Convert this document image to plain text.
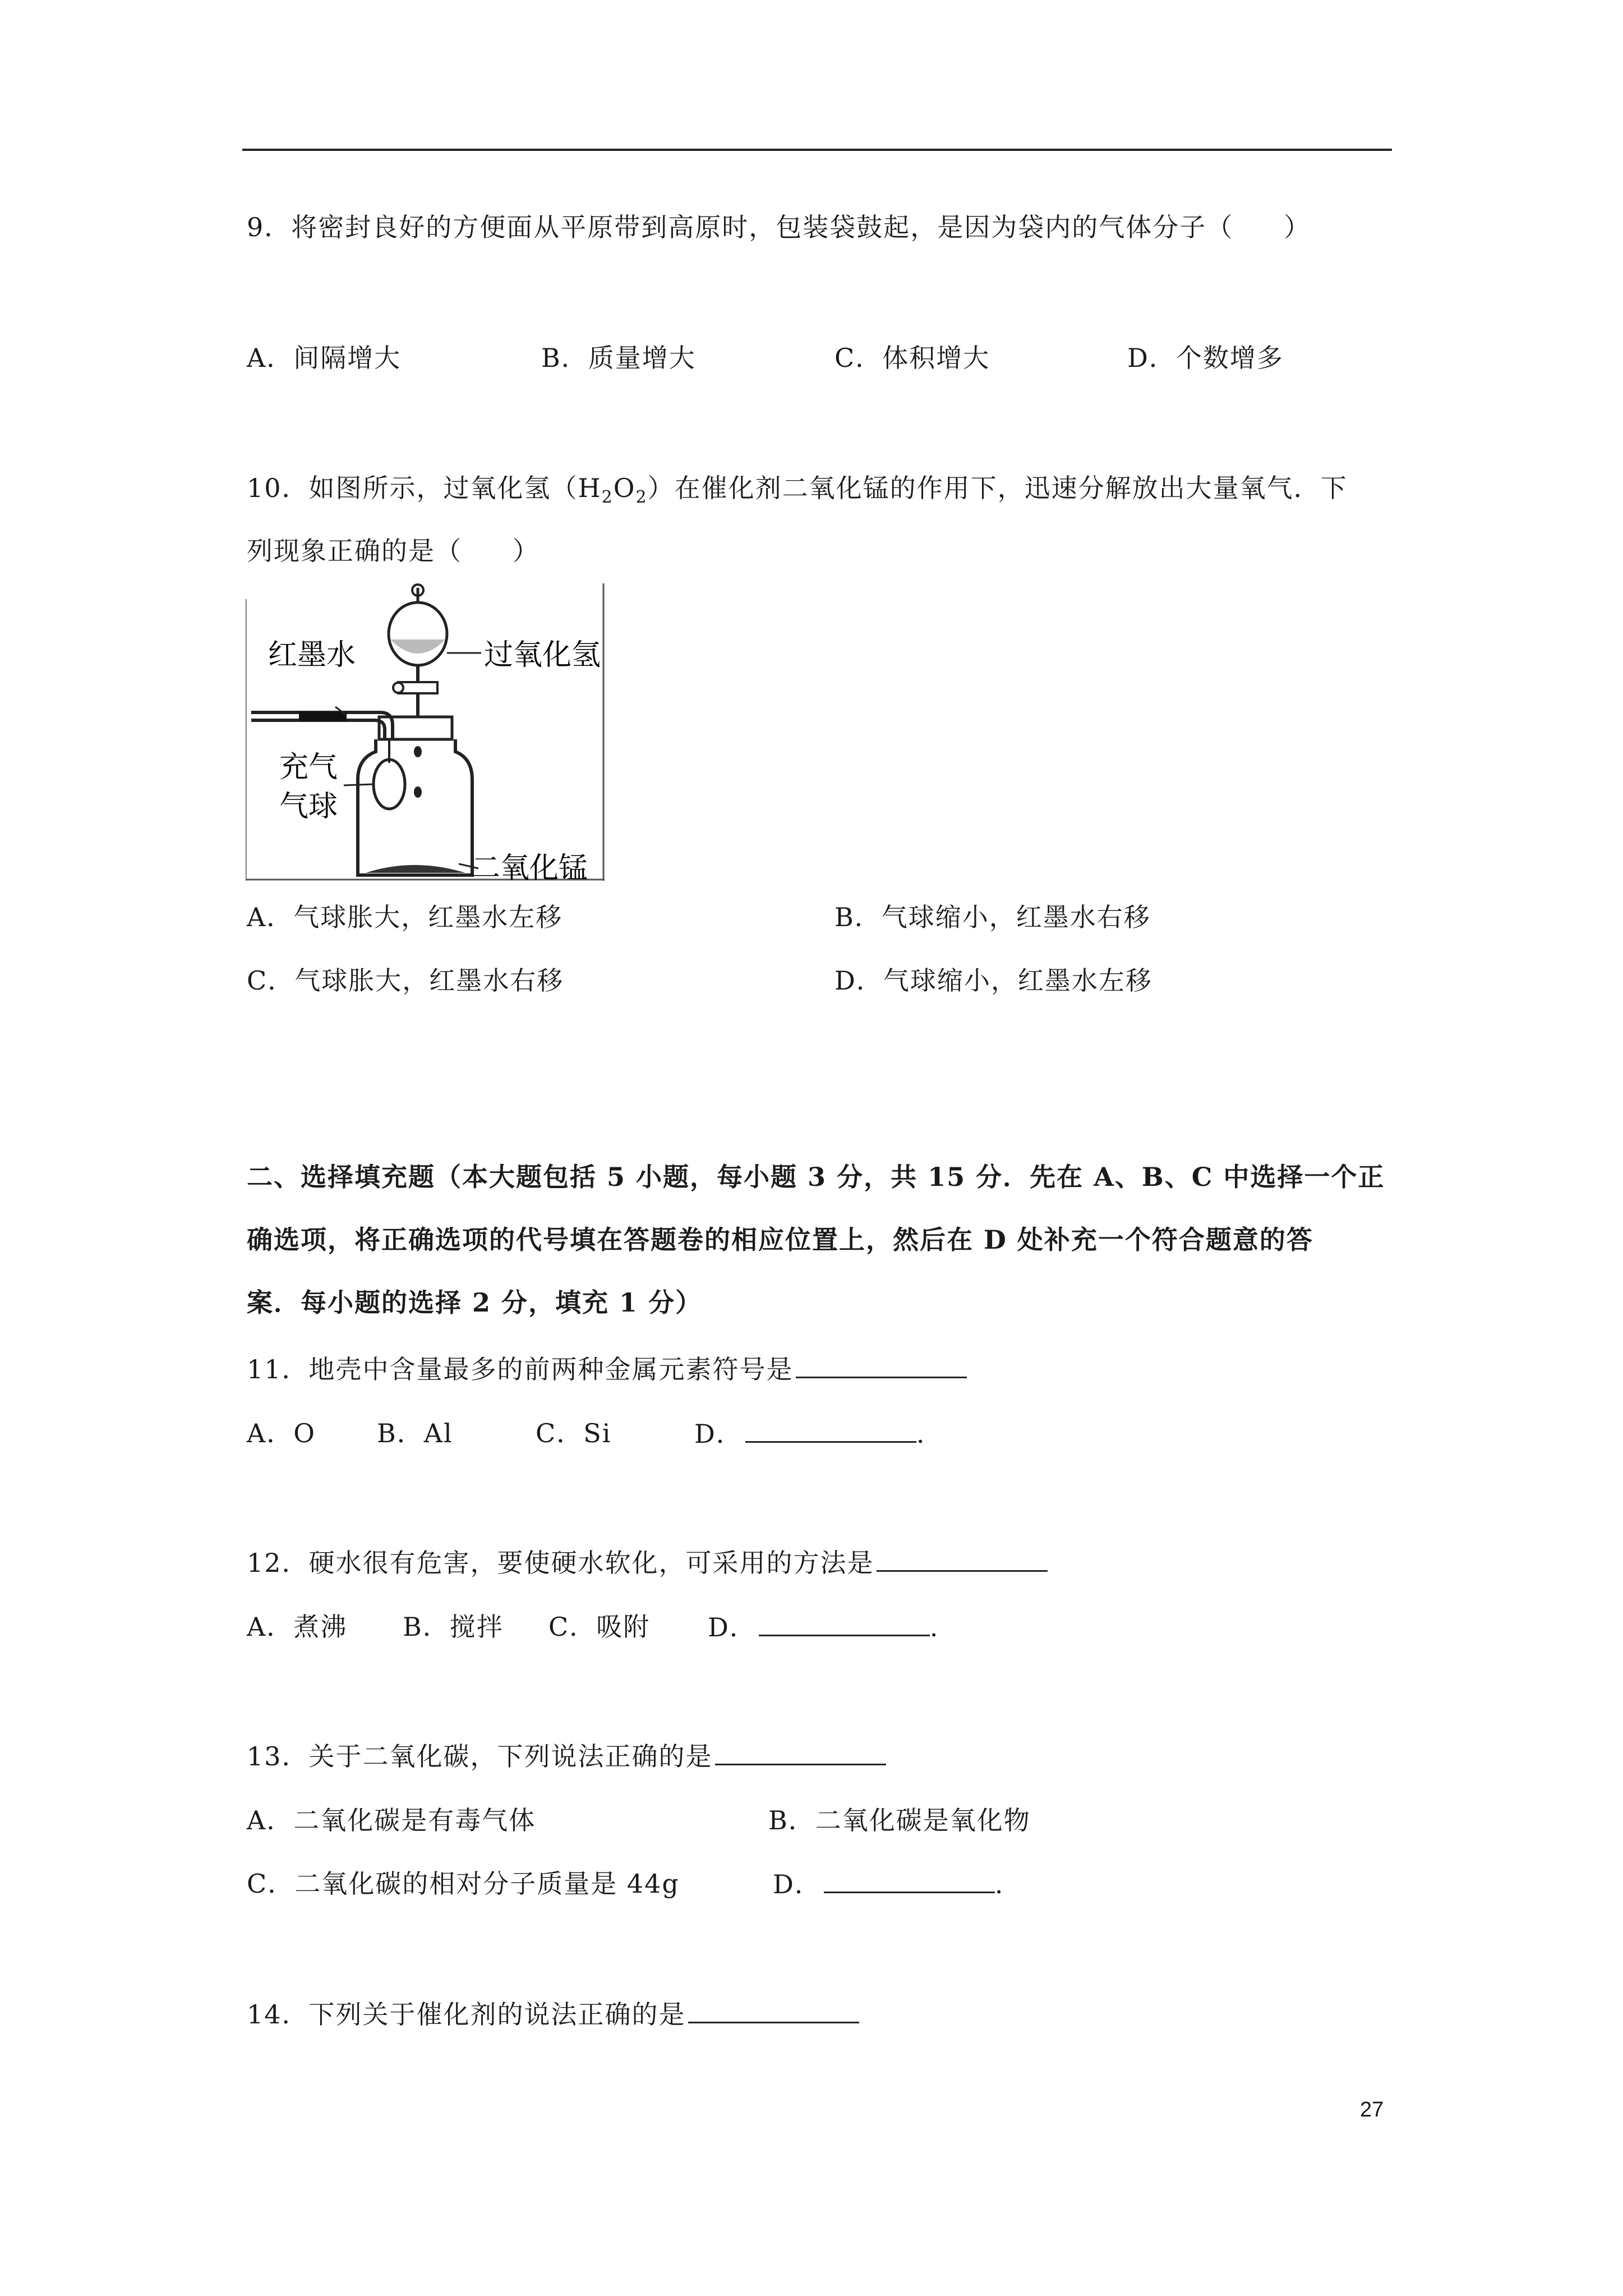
9．将密封良好的方便面从平原带到高原时，包装袋鼓起，是因为袋内的气体分子（ ）
A．间隔增大	B．质量增大	C．体积增大	D．个数增多
10．如图所示，过氧化氢$(H_2O_2)$在催化剂二氧化锰的作用下，迅速分解放出大量氧气．下
列现象正确的是（ ）
红墨水	过氧化氢
充气
气球
二氧化锰
A．气球胀大，红墨水左移	B．气球缩小，红墨水右移
C．气球胀大，红墨水右移	D．气球缩小，红墨水左移
二、选择填充题（本大题包括 5 小题，每小题 3 分，共 15 分．先在 A、B、C 中选择一个正
确选项，将正确选项的代号填在答题卷的相应位置上，然后在 D 处补充一个符合题意的答
案．每小题的选择 2 分，填充 1 分）
11．地壳中含量最多的前两种金属元素符号是
A．O B．Al	C．Si	D．	.
12．硬水很有危害，要使硬水软化，可采用的方法是
A．煮沸 B．搅拌 C．吸附 D．	.
13．关于二氧化碳，下列说法正确的是
A．二氧化碳是有毒气体	B．二氧化碳是氧化物
C．二氧化碳的相对分子质量是 44g	D．	.
14．下列关于催化剂的说法正确的是
27
